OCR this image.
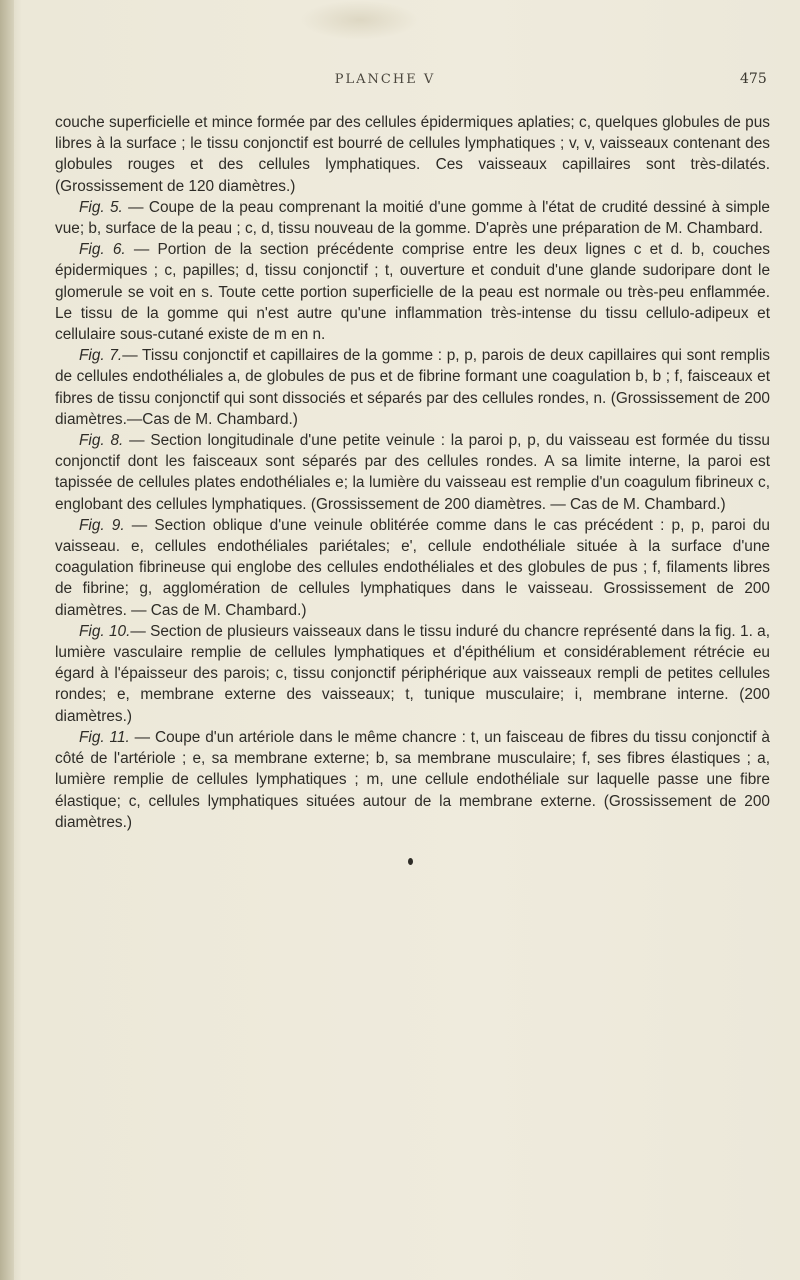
PLANCHE V	475

couche superficielle et mince formée par des cellules épidermiques aplaties; c, quelques globules de pus libres à la surface ; le tissu conjonctif est bourré de cellules lymphatiques ; v, v, vaisseaux contenant des globules rouges et des cellules lymphatiques. Ces vaisseaux capillaires sont très-dilatés. (Grossissement de 120 diamètres.)

Fig. 5. — Coupe de la peau comprenant la moitié d'une gomme à l'état de crudité dessiné à simple vue; b, surface de la peau ; c, d, tissu nouveau de la gomme. D'après une préparation de M. Chambard.

Fig. 6. — Portion de la section précédente comprise entre les deux lignes c et d. b, couches épidermiques ; c, papilles; d, tissu conjonctif ; t, ouverture et conduit d'une glande sudoripare dont le glomerule se voit en s. Toute cette portion superficielle de la peau est normale ou très-peu enflammée. Le tissu de la gomme qui n'est autre qu'une inflammation très-intense du tissu cellulo-adipeux et cellulaire sous-cutané existe de m en n.

Fig. 7.— Tissu conjonctif et capillaires de la gomme : p, p, parois de deux capillaires qui sont remplis de cellules endothéliales a, de globules de pus et de fibrine formant une coagulation b, b ; f, faisceaux et fibres de tissu conjonctif qui sont dissociés et séparés par des cellules rondes, n. (Grossissement de 200 diamètres.—Cas de M. Chambard.)

Fig. 8. — Section longitudinale d'une petite veinule : la paroi p, p, du vaisseau est formée du tissu conjonctif dont les faisceaux sont séparés par des cellules rondes. A sa limite interne, la paroi est tapissée de cellules plates endothéliales e; la lumière du vaisseau est remplie d'un coagulum fibrineux c, englobant des cellules lymphatiques. (Grossissement de 200 diamètres. — Cas de M. Chambard.)

Fig. 9. — Section oblique d'une veinule oblitérée comme dans le cas précédent : p, p, paroi du vaisseau. e, cellules endothéliales pariétales; e', cellule endothéliale située à la surface d'une coagulation fibrineuse qui englobe des cellules endothéliales et des globules de pus ; f, filaments libres de fibrine; g, agglomération de cellules lymphatiques dans le vaisseau. Grossissement de 200 diamètres. — Cas de M. Chambard.)

Fig. 10.— Section de plusieurs vaisseaux dans le tissu induré du chancre représenté dans la fig. 1. a, lumière vasculaire remplie de cellules lymphatiques et d'épithélium et considérablement rétrécie eu égard à l'épaisseur des parois; c, tissu conjonctif périphérique aux vaisseaux rempli de petites cellules rondes; e, membrane externe des vaisseaux; t, tunique musculaire; i, membrane interne. (200 diamètres.)

Fig. 11. — Coupe d'un artériole dans le même chancre : t, un faisceau de fibres du tissu conjonctif à côté de l'artériole ; e, sa membrane externe; b, sa membrane musculaire; f, ses fibres élastiques ; a, lumière remplie de cellules lymphatiques ; m, une cellule endothéliale sur laquelle passe une fibre élastique; c, cellules lymphatiques situées autour de la membrane externe. (Grossissement de 200 diamètres.)
